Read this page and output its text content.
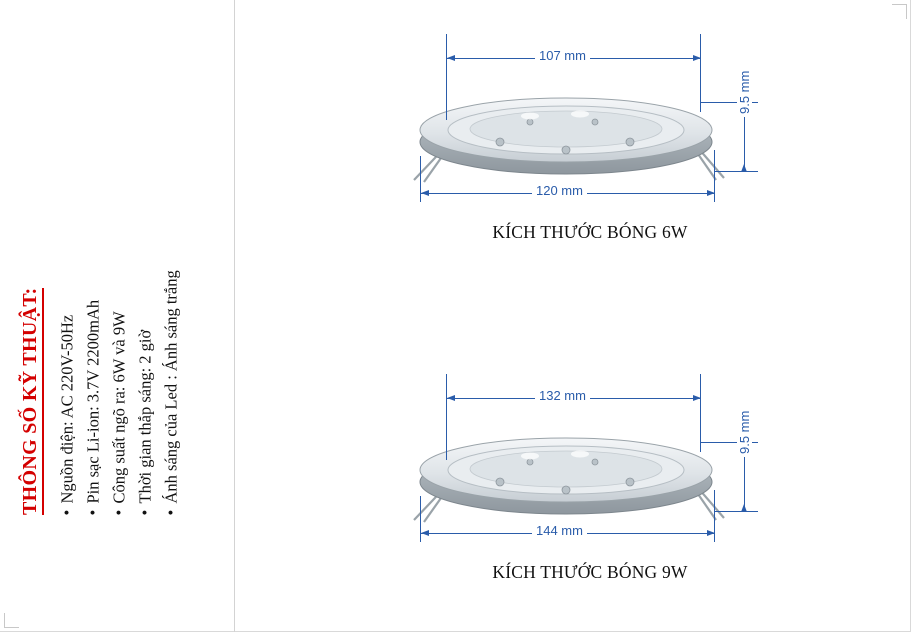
THÔNG SỐ KỸ THUẬT: •Nguồn điện: AC 220V-50Hz
•Pin sạc Li-ion: 3.7V 2200mAh
•Công suất ngõ ra: 6W và 9W
•Thời gian thắp sáng: 2 giờ
•Ánh sáng của Led : Ánh sáng trắng
107 mm
120 mm
9.5 mm
KÍCH THƯỚC BÓNG 6W
132 mm
144 mm
9.5 mm
KÍCH THƯỚC BÓNG 9W
